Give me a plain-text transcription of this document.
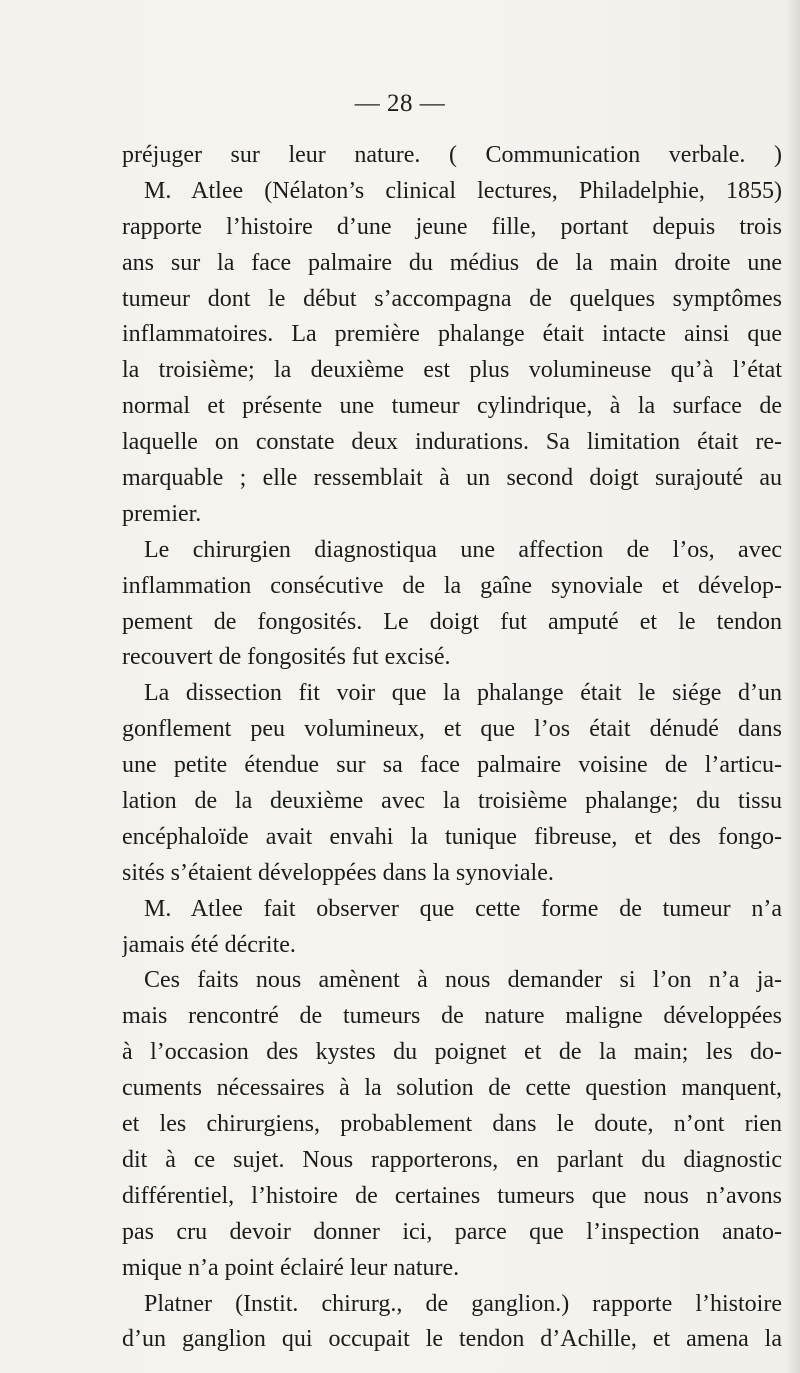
— 28 —
préjuger sur leur nature. ( Communication verbale. )
M. Atlee (Nélaton’s clinical lectures, Philadelphie, 1855)
rapporte l’histoire d’une jeune fille, portant depuis trois
ans sur la face palmaire du médius de la main droite une
tumeur dont le début s’accompagna de quelques symptômes
inflammatoires. La première phalange était intacte ainsi que
la troisième; la deuxième est plus volumineuse qu’à l’état
normal et présente une tumeur cylindrique, à la surface de
laquelle on constate deux indurations. Sa limitation était re-
marquable ; elle ressemblait à un second doigt surajouté au
premier.
Le chirurgien diagnostiqua une affection de l’os, avec
inflammation consécutive de la gaîne synoviale et dévelop-
pement de fongosités. Le doigt fut amputé et le tendon
recouvert de fongosités fut excisé.
La dissection fit voir que la phalange était le siége d’un
gonflement peu volumineux, et que l’os était dénudé dans
une petite étendue sur sa face palmaire voisine de l’articu-
lation de la deuxième avec la troisième phalange; du tissu
encéphaloïde avait envahi la tunique fibreuse, et des fongo-
sités s’étaient développées dans la synoviale.
M. Atlee fait observer que cette forme de tumeur n’a
jamais été décrite.
Ces faits nous amènent à nous demander si l’on n’a ja-
mais rencontré de tumeurs de nature maligne développées
à l’occasion des kystes du poignet et de la main; les do-
cuments nécessaires à la solution de cette question manquent,
et les chirurgiens, probablement dans le doute, n’ont rien
dit à ce sujet. Nous rapporterons, en parlant du diagnostic
différentiel, l’histoire de certaines tumeurs que nous n’avons
pas cru devoir donner ici, parce que l’inspection anato-
mique n’a point éclairé leur nature.
Platner (Instit. chirurg., de ganglion.) rapporte l’histoire
d’un ganglion qui occupait le tendon d’Achille, et amena la
